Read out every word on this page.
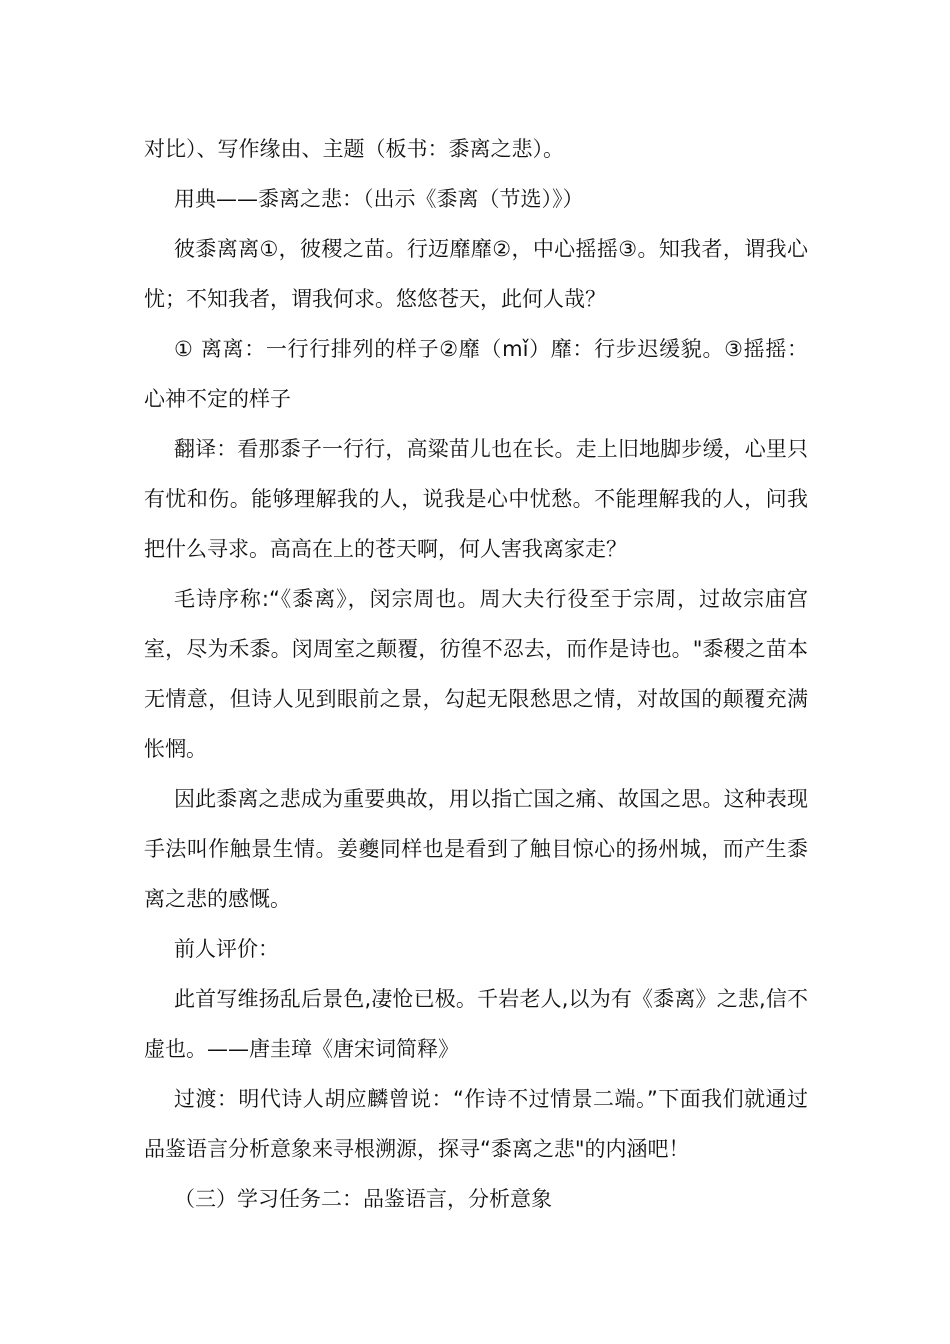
对比）、写作缘由、主题（板书：黍离之悲）。

用典——黍离之悲：（出示《黍离（节选）》）

彼黍离离①，彼稷之苗。行迈靡靡②，中心摇摇③。知我者，谓我心忧；不知我者，谓我何求。悠悠苍天，此何人哉？

① 离离：一行行排列的样子②靡（mǐ）靡：行步迟缓貌。③摇摇：心神不定的样子

翻译：看那黍子一行行，高粱苗儿也在长。走上旧地脚步缓，心里只有忧和伤。能够理解我的人，说我是心中忧愁。不能理解我的人，问我把什么寻求。高高在上的苍天啊，何人害我离家走？

毛诗序称:“《黍离》，闵宗周也。周大夫行役至于宗周，过故宗庙宫室，尽为禾黍。闵周室之颠覆，彷徨不忍去，而作是诗也。"黍稷之苗本无情意，但诗人见到眼前之景，勾起无限愁思之情，对故国的颠覆充满怅惘。

因此黍离之悲成为重要典故，用以指亡国之痛、故国之思。这种表现手法叫作触景生情。姜夔同样也是看到了触目惊心的扬州城，而产生黍离之悲的感慨。

前人评价：

此首写维扬乱后景色,凄怆已极。千岩老人,以为有《黍离》之悲,信不虚也。——唐圭璋《唐宋词简释》

过渡：明代诗人胡应麟曾说：“作诗不过情景二端。”下面我们就通过品鉴语言分析意象来寻根溯源，探寻“黍离之悲"的内涵吧！

（三）学习任务二：品鉴语言，分析意象
